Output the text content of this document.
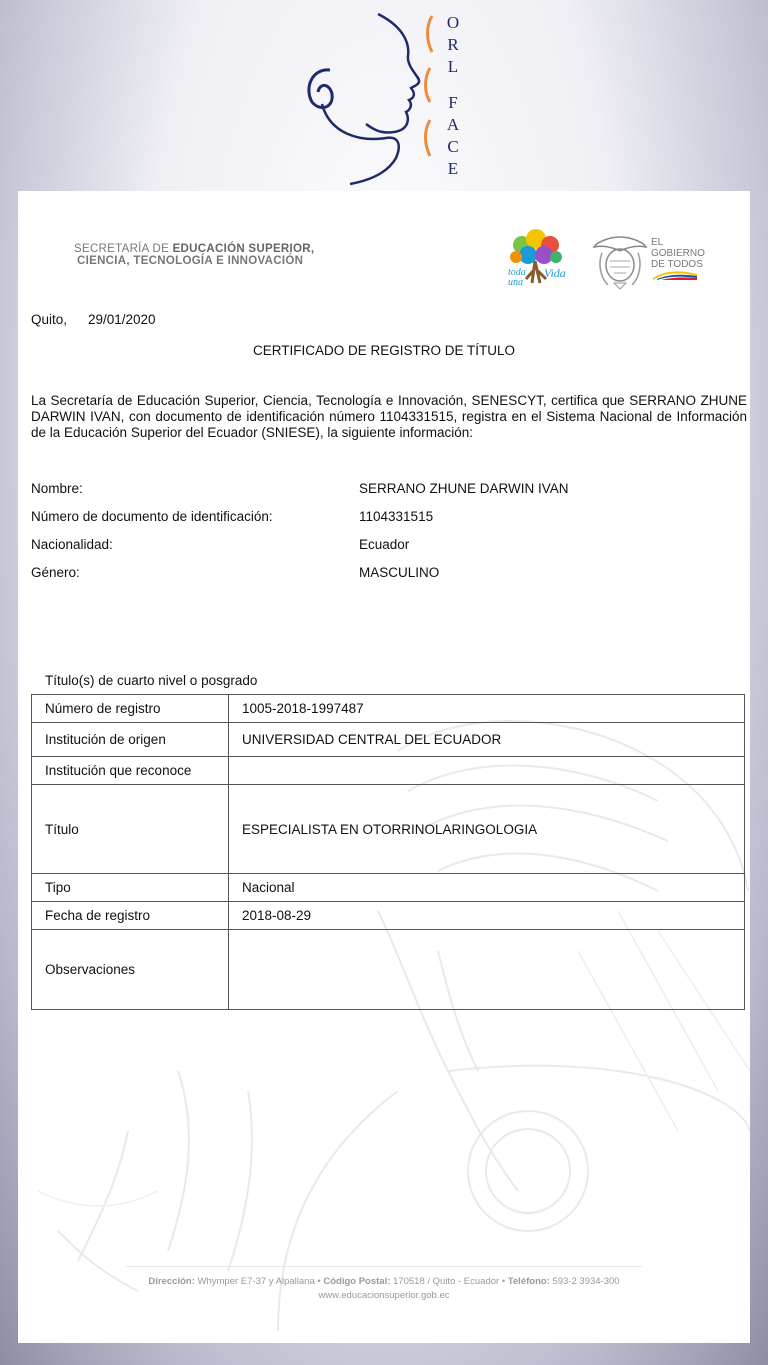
O
R
L
F
A
C
E
SECRETARÍA DE EDUCACIÓN SUPERIOR,
CIENCIA, TECNOLOGÍA E INNOVACIÓN
toda
una
Vida
EL
GOBIERNO
DE TODOS
Quito, 29/01/2020
CERTIFICADO DE REGISTRO DE TÍTULO
La Secretaría de Educación Superior, Ciencia, Tecnología e Innovación, SENESCYT, certifica que SERRANO ZHUNE DARWIN IVAN, con documento de identificación número 1104331515, registra en el Sistema Nacional de Información de la Educación Superior del Ecuador (SNIESE), la siguiente información:
Nombre:	SERRANO ZHUNE DARWIN IVAN
Número de documento de identificación:	1104331515
Nacionalidad:	Ecuador
Género:	MASCULINO
Título(s) de cuarto nivel o posgrado
Número de registro	1005-2018-1997487
Institución de origen	UNIVERSIDAD CENTRAL DEL ECUADOR
Institución que reconoce	
Título	ESPECIALISTA EN OTORRINOLARINGOLOGIA
Tipo	Nacional
Fecha de registro	2018-08-29
Observaciones	
Dirección: Whymper E7-37 y Alpallana • Código Postal: 170518 / Quito - Ecuador • Teléfono: 593-2 3934-300
www.educacionsuperior.gob.ec
